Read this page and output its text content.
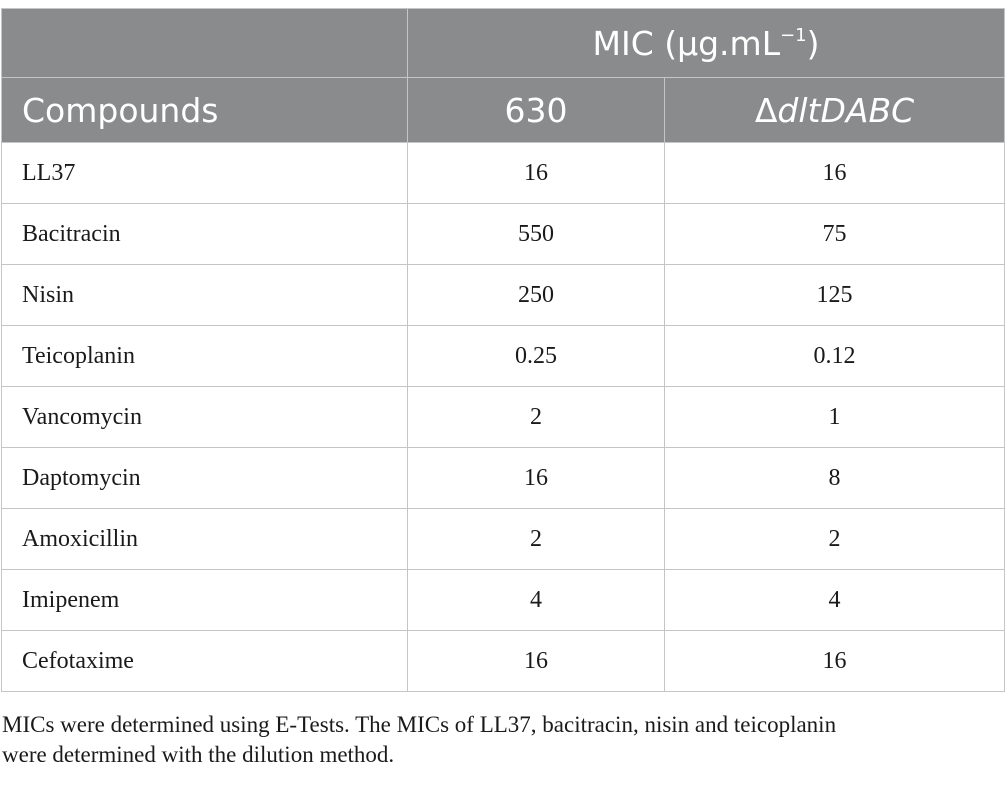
	MIC $(\mu g.mL^{-1})$	
Compounds	630	ΔdltDABC
LL37	16	16
Bacitracin	550	75
Nisin	250	125
Teicoplanin	0.25	0.12
Vancomycin	2	1
Daptomycin	16	8
Amoxicillin	2	2
Imipenem	4	4
Cefotaxime	16	16
MICs were determined using E-Tests. The MICs of LL37, bacitracin, nisin and teicoplanin
were determined with the dilution method.
